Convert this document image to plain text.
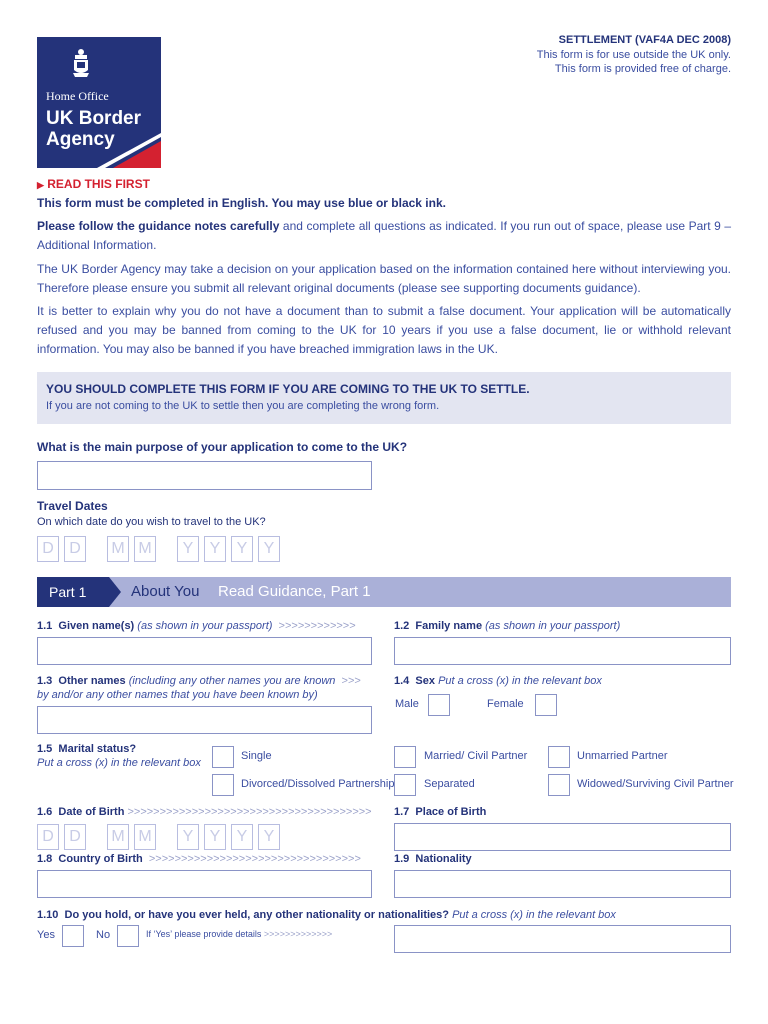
Home Office
UK Border
Agency
SETTLEMENT (VAF4A DEC 2008)
This form is for use outside the UK only.
This form is provided free of charge.
▶ READ THIS FIRST
This form must be completed in English. You may use blue or black ink.
Please follow the guidance notes carefully and complete all questions as indicated. If you run out of space, please use Part 9 – Additional Information.
The UK Border Agency may take a decision on your application based on the information contained here without interviewing you. Therefore please ensure you submit all relevant original documents (please see supporting documents guidance).
It is better to explain why you do not have a document than to submit a false document. Your application will be automatically refused and you may be banned from coming to the UK for 10 years if you use a false document, lie or withhold relevant information. You may also be banned if you have breached immigration laws in the UK.
YOU SHOULD COMPLETE THIS FORM IF YOU ARE COMING TO THE UK TO SETTLE.
If you are not coming to the UK to settle then you are completing the wrong form.
What is the main purpose of your application to come to the UK?
Travel Dates
On which date do you wish to travel to the UK?
D D	M M	Y	Y	Y	Y
Part 1	About You Read Guidance, Part 1
1.1 Given name(s) (as shown in your passport) >>>>>>>>>>>>	1.2 Family name (as shown in your passport)
1.3 Other names (including any other names you are known >>>
by and/or any other names that you have been known by)
1.4 Sex Put a cross (x) in the relevant box
Male	Female
1.5 Marital status?
Put a cross (x) in the relevant box
Single	Married/ Civil Partner	Unmarried Partner
Divorced/Dissolved Partnership	Separated	Widowed/Surviving Civil Partner
1.6 Date of Birth >>>>>>>>>>>>>>>>>>>>>>>>>>>>>>>>>>>>>>
D D	M M	Y	Y	Y	Y
1.7 Place of Birth
1.8 Country of Birth >>>>>>>>>>>>>>>>>>>>>>>>>>>>>>>>>	1.9 Nationality
1.10 Do you hold, or have you ever held, any other nationality or nationalities? Put a cross (x) in the relevant box
Yes	No	If ‘Yes’ please provide details >>>>>>>>>>>>>
